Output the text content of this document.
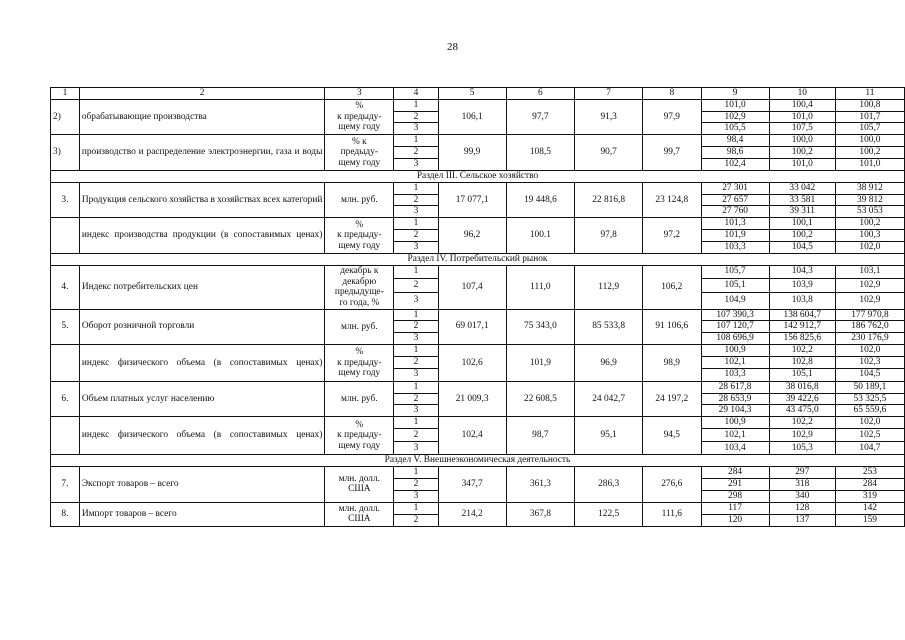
28
1	2	3	4	5	6	7	8	9	10	11
2)	обрабатывающие производства	%
к предыду-
щему году	1	106,1	97,7	91,3	97,9	101,0	100,4	100,8
			2					102,9	101,0	101,7
			3					105,5	107,5	105,7
3)	производство и распределение электроэнергии, газа и воды	% к
предыду-
щему году	1	99,9	108,5	90,7	99,7	98,4	100,0	100,0
			2					98,6	100,2	100,2
			3					102,4	101,0	101,0
Раздел III. Сельское хозяйство										
3.	Продукция сельского хозяйства в хозяйствах всех категорий	млн. руб.	1	17 077,1	19 448,6	22 816,8	23 124,8	27 301	33 042	38 912
			2					27 657	33 581	39 812
			3					27 760	39 311	53 053

	индекс производства продукции (в сопоставимых ценах)	%
к предыду-
щему году	1	96,2	100.1	97,8	97,2	101,3	100,1	100,2
			2					101,9	100,2	100,3
			3					103,3	104,5	102,0
Раздел IV. Потребительский рынок										
4.	Индекс потребительских цен	декабрь к
декабрю
предыдуще-
го года, %	1	107,4	111,0	112,9	106,2	105,7	104,3	103,1
			2					105,1	103,9	102,9
			3					104,9	103,8	102,9
5.	Оборот розничной торговли	млн. руб.	1	69 017,1	75 343,0	85 533,8	91 106,6	107 390,3	138 604,7	177 970,8
			2					107 120,7	142 912,7	186 762,0
			3					108 696,9	156 825,6	230 176,9

	индекс физического объема (в сопоставимых ценах)	%
к предыду-
щему году	1	102,6	101,9	96,9	98,9	100,9	102,2	102,0
			2					102,1	102,8	102,3
			3					103,3	105,1	104,5
6.	Объем платных услуг населению	млн. руб.	1	21 009,3	22 608,5	24 042,7	24 197,2	28 617,8	38 016,8	50 189,1
			2					28 653,9	39 422,6	53 325,5
			3					29 104,3	43 475,0	65 559,6

	индекс физического объема (в сопоставимых ценах)	%
к предыду-
щему году	1	102,4	98,7	95,1	94,5	100,9	102,2	102,0
			2					102,1	102,9	102,5
			3					103,4	105,3	104,7
Раздел V. Внешнеэкономическая деятельность										
7.	Экспорт товаров – всего	млн. долл.
США	1	347,7	361,3	286,3	276,6	284	297	253
			2					291	318	284
			3					298	340	319
8.	Импорт товаров – всего	млн. долл.
США	1	214,2	367,8	122,5	111,6	117	128	142
			2					120	137	159
